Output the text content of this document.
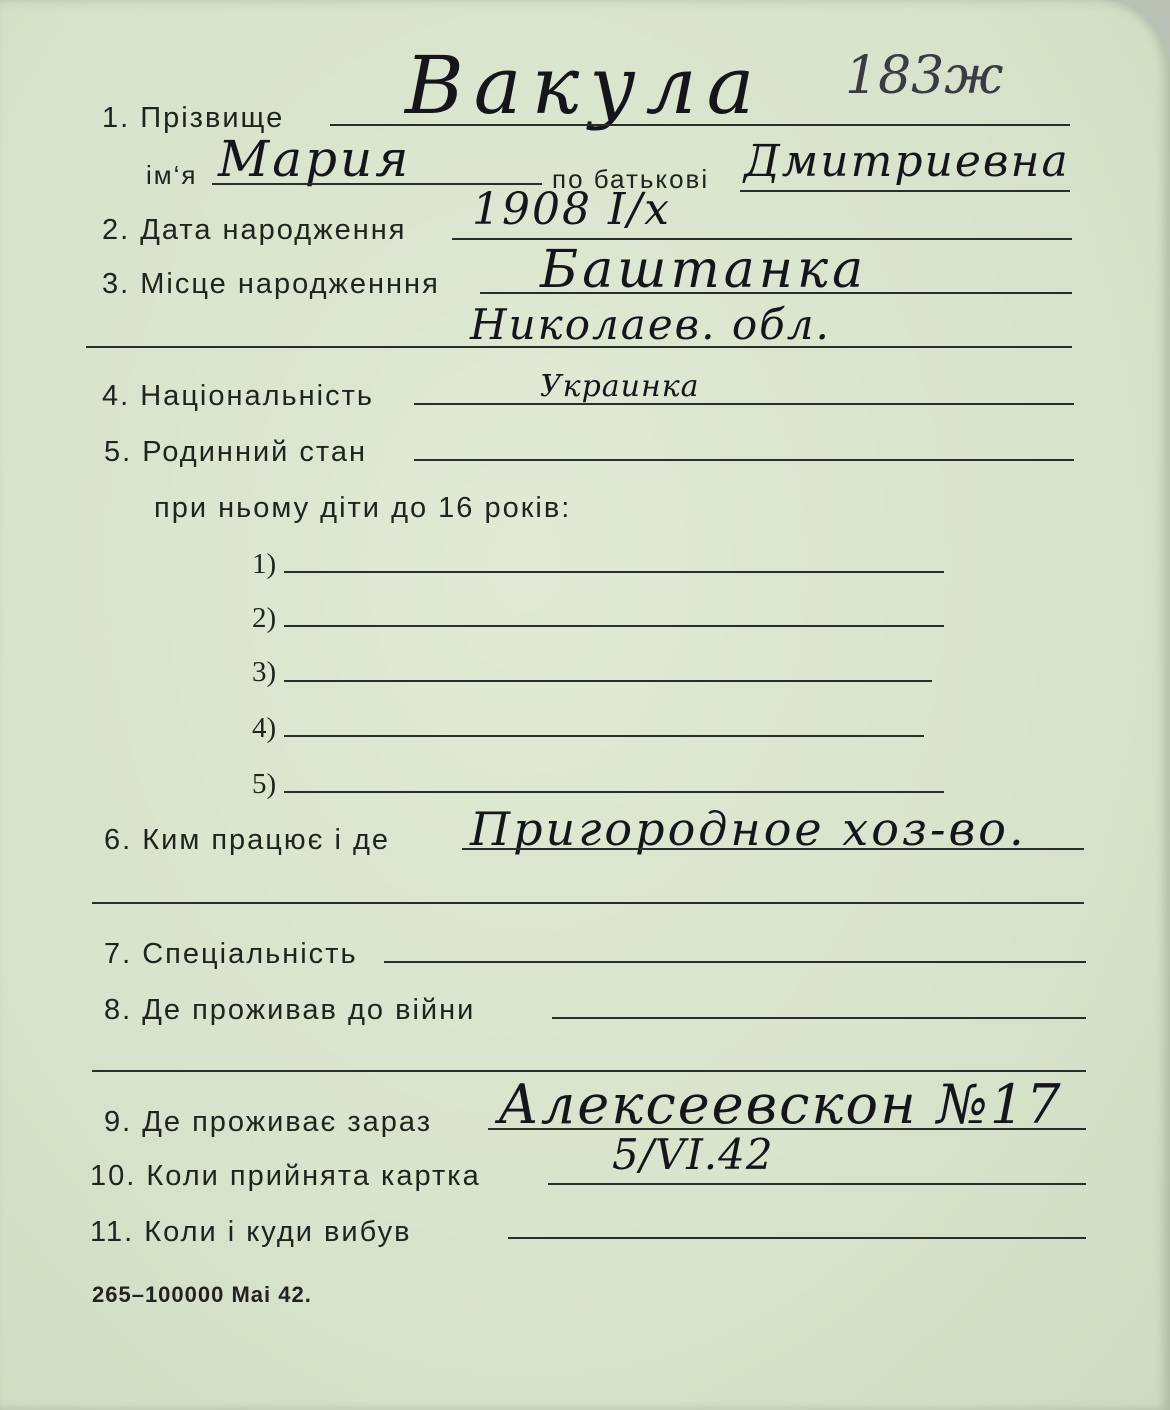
1. Прізвище Вакула 183ж
ім‘я Мария	по батькові Дмитриевна
2. Дата народження 1908 I/x
3. Місце народженння Баштанка
Николаев. обл.
4. Національність	Украинка
5. Родинний стан
при ньому діти до 16 років:
1)
2)
3)
4)
5)
6. Ким працює і де Пригородное хоз-во.
7. Спеціальність
8. Де проживав до війни
9. Де проживає зараз Алексеевскон №17
10. Коли прийнята картка	5/VI.42
11. Коли і куди вибув
265–100000 Mai 42.
